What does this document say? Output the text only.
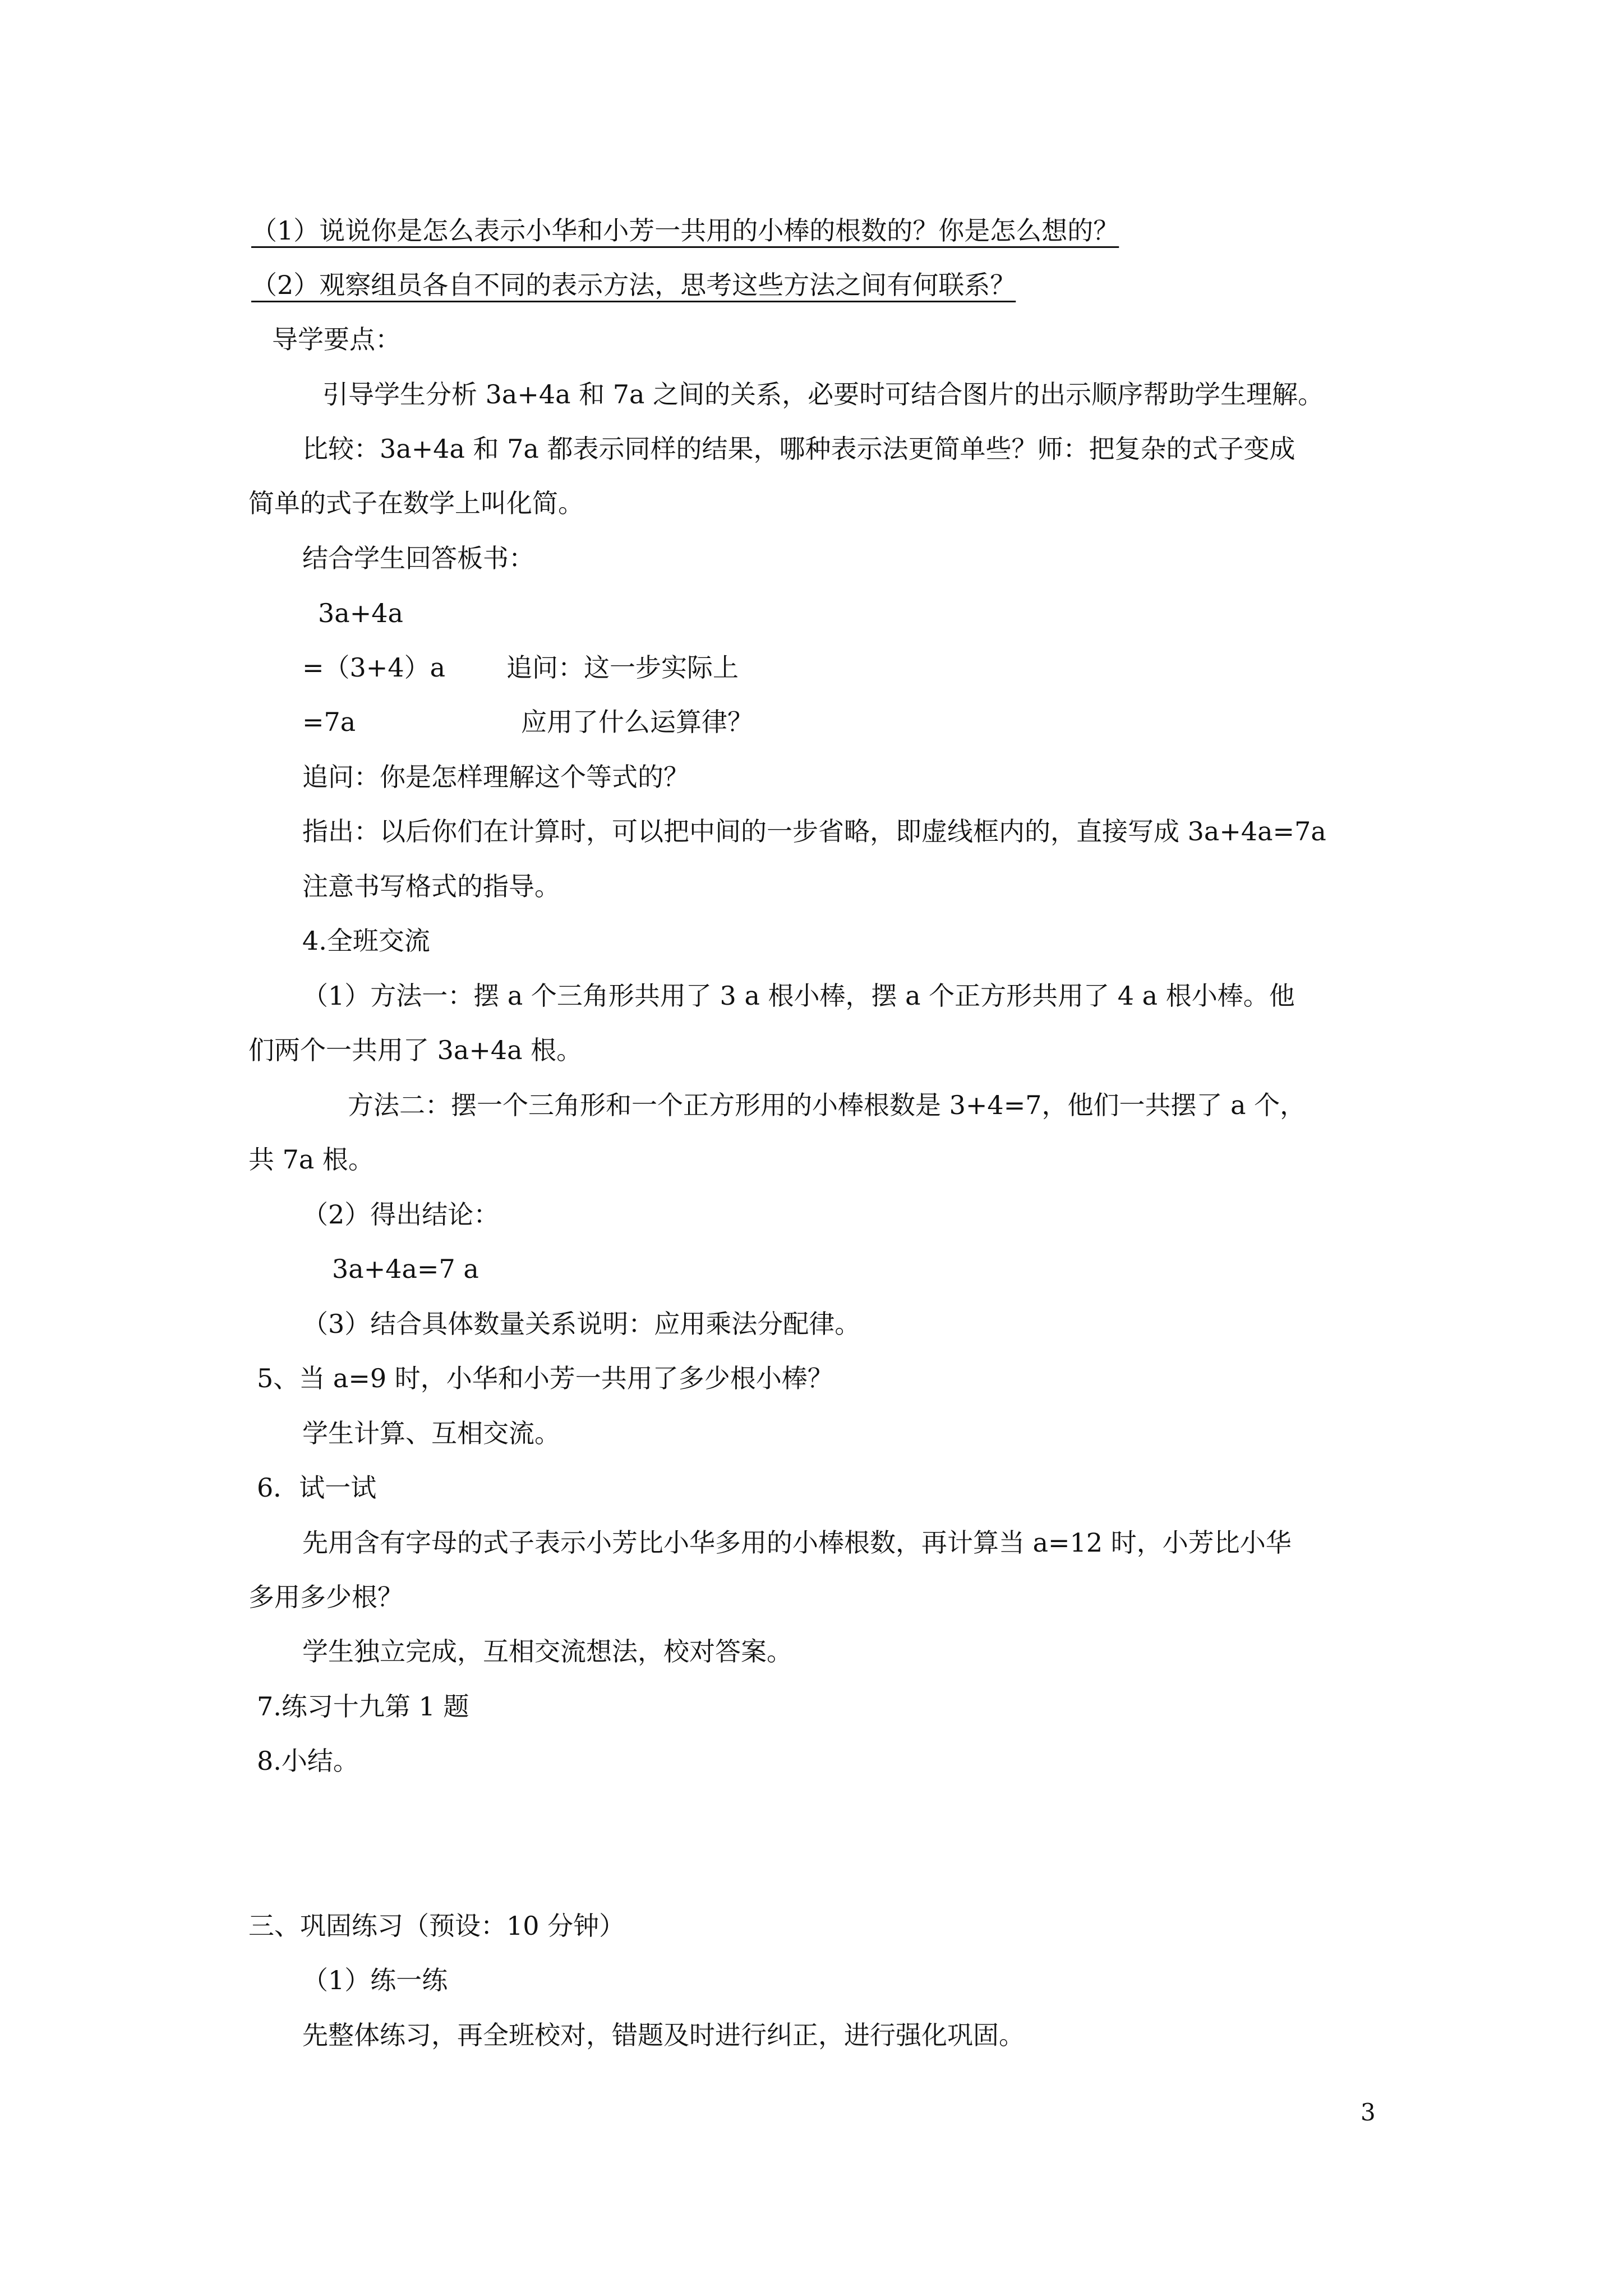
（1）说说你是怎么表示小华和小芳一共用的小棒的根数的？你是怎么想的？

（2）观察组员各自不同的表示方法，思考这些方法之间有何联系？

导学要点：

引导学生分析 3a+4a 和 7a 之间的关系，必要时可结合图片的出示顺序帮助学生理解。

比较：3a+4a 和 7a 都表示同样的结果，哪种表示法更简单些？师：把复杂的式子变成

简单的式子在数学上叫化简。

结合学生回答板书：

3a+4a

=（3+4）a 追问：这一步实际上

=7a	应用了什么运算律？

追问：你是怎样理解这个等式的？

指出：以后你们在计算时，可以把中间的一步省略，即虚线框内的，直接写成 3a+4a=7a

注意书写格式的指导。

4.全班交流

（1）方法一：摆 a 个三角形共用了 3 a 根小棒，摆 a 个正方形共用了 4 a 根小棒。他

们两个一共用了 3a+4a 根。

方法二：摆一个三角形和一个正方形用的小棒根数是 3+4=7，他们一共摆了 a 个，

共 7a 根。

（2）得出结论：

3a+4a=7 a

（3）结合具体数量关系说明：应用乘法分配律。

5、当 a=9 时，小华和小芳一共用了多少根小棒？

学生计算、互相交流。

6．试一试

先用含有字母的式子表示小芳比小华多用的小棒根数，再计算当 a=12 时，小芳比小华

多用多少根？

学生独立完成，互相交流想法，校对答案。

7.练习十九第 1 题

8.小结。

三、巩固练习（预设：10 分钟）

（1）练一练

先整体练习，再全班校对，错题及时进行纠正，进行强化巩固。

3
